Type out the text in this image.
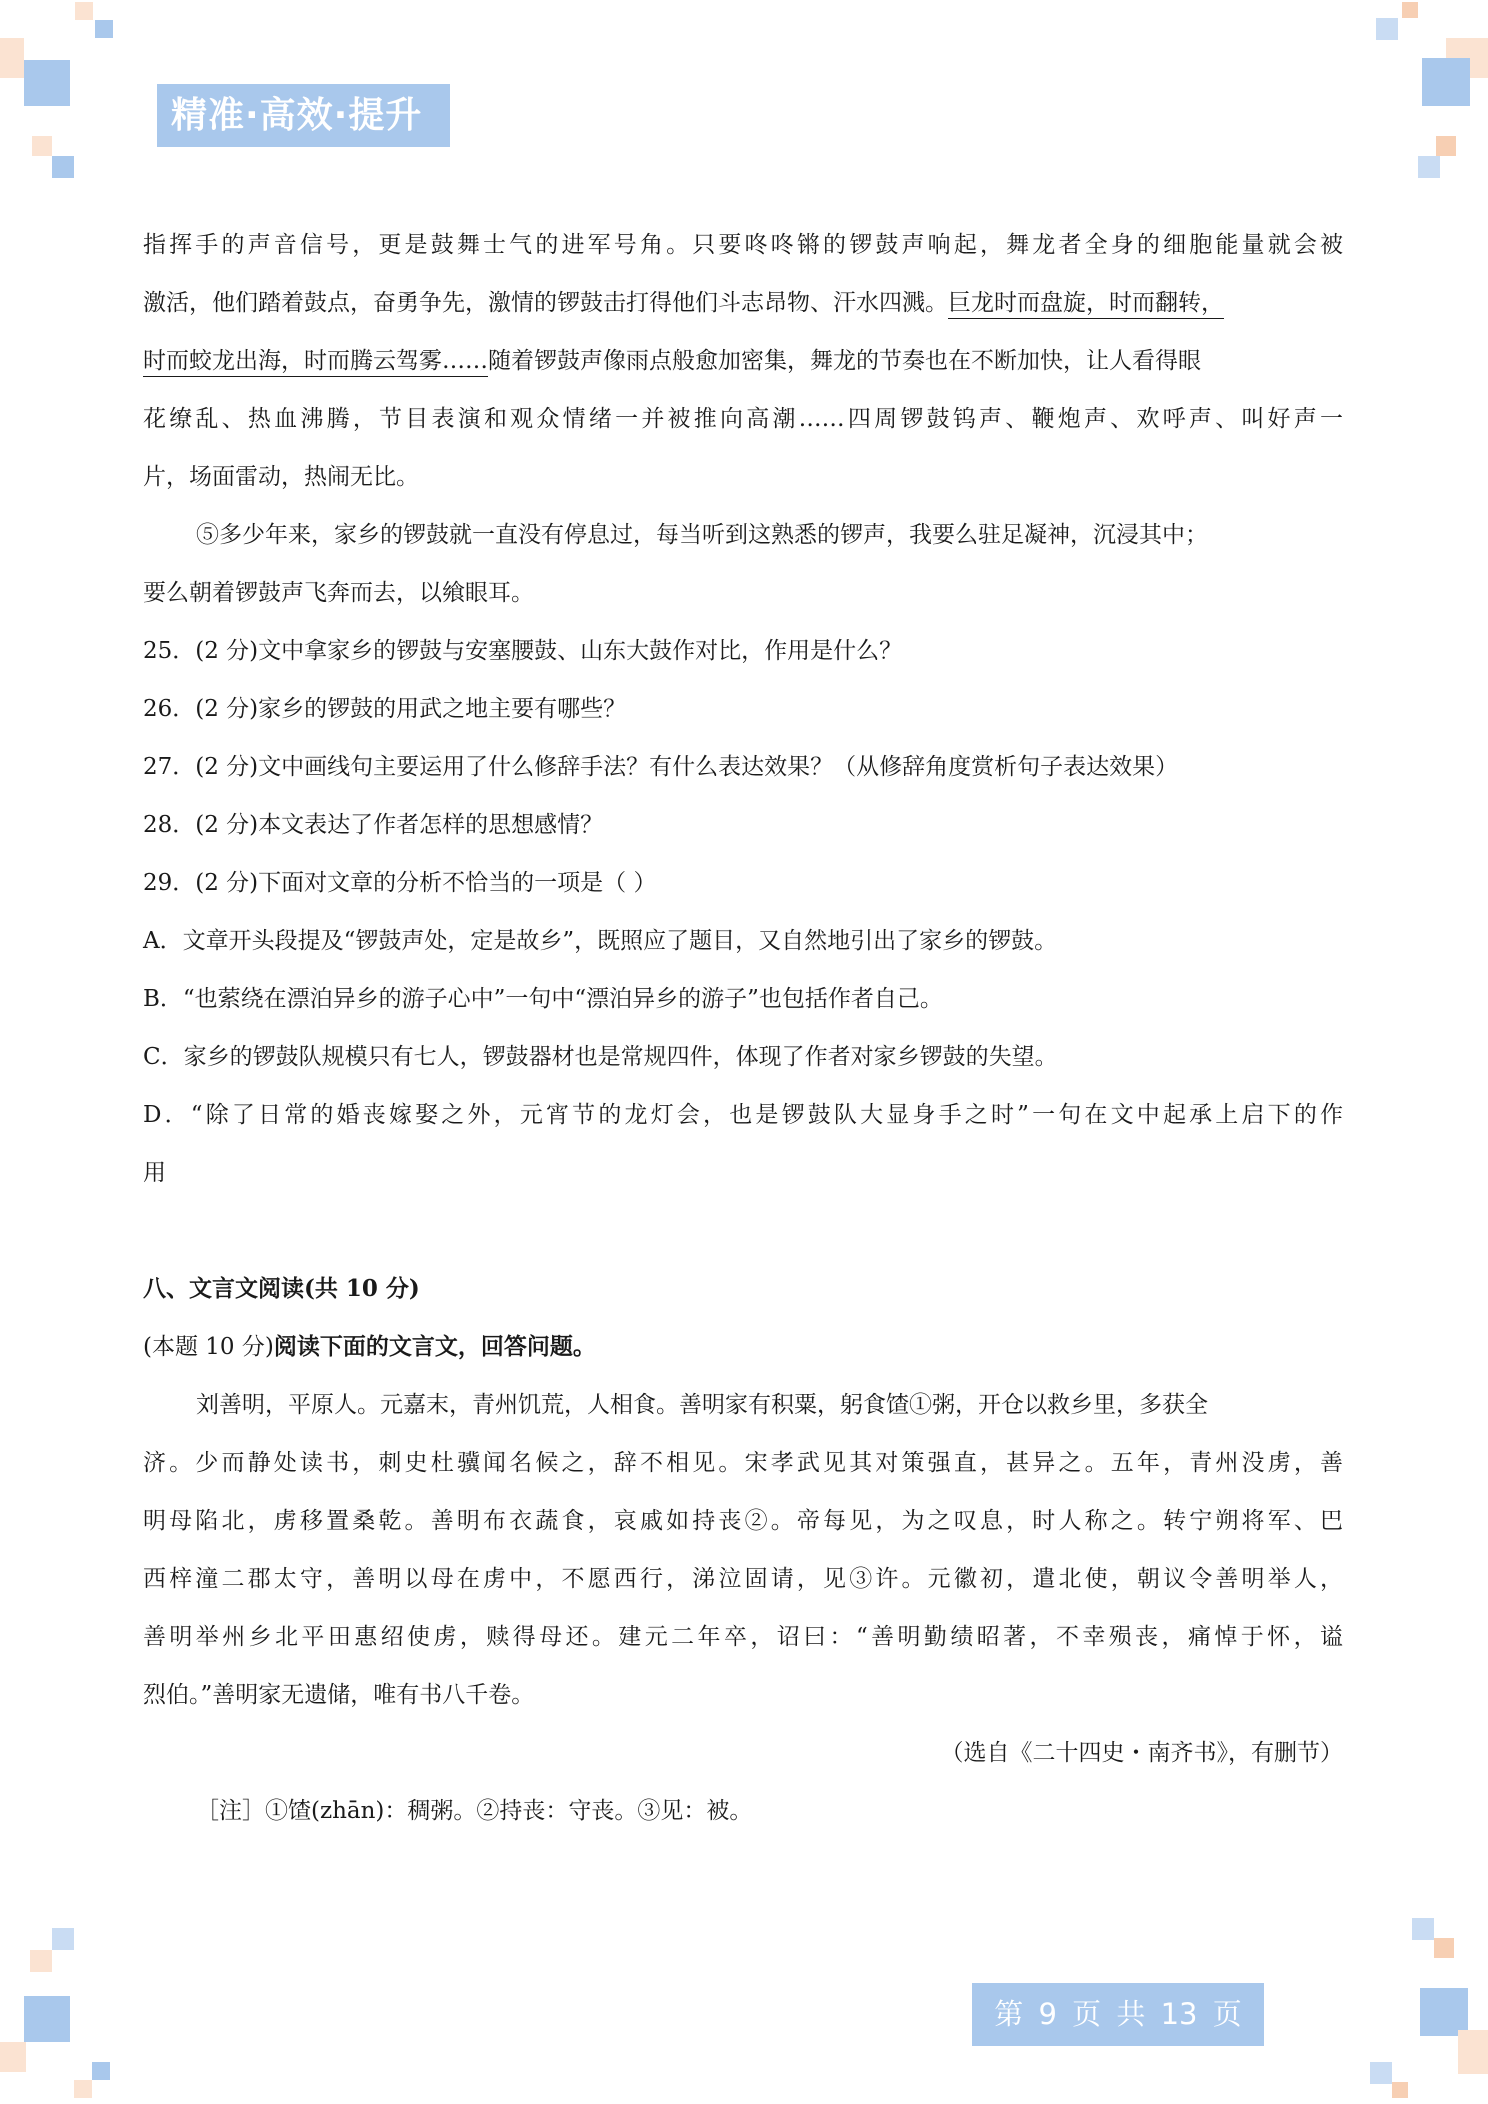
精准·高效·提升
指挥手的声音信号，更是鼓舞士气的进军号角。只要咚咚锵的锣鼓声响起，舞龙者全身的细胞能量就会被
激活，他们踏着鼓点，奋勇争先，激情的锣鼓击打得他们斗志昂物、汗水四溅。巨龙时而盘旋，时而翻转，
时而蛟龙出海，时而腾云驾雾……随着锣鼓声像雨点般愈加密集，舞龙的节奏也在不断加快，让人看得眼
花缭乱、热血沸腾，节目表演和观众情绪一并被推向高潮……四周锣鼓钨声、鞭炮声、欢呼声、叫好声一
片，场面雷动，热闹无比。
⑤多少年来，家乡的锣鼓就一直没有停息过，每当听到这熟悉的锣声，我要么驻足凝神，沉浸其中；
要么朝着锣鼓声飞奔而去，以飨眼耳。
25．(2 分)文中拿家乡的锣鼓与安塞腰鼓、山东大鼓作对比，作用是什么？
26．(2 分)家乡的锣鼓的用武之地主要有哪些？
27．(2 分)文中画线句主要运用了什么修辞手法？有什么表达效果？（从修辞角度赏析句子表达效果）
28．(2 分)本文表达了作者怎样的思想感情？
29．(2 分)下面对文章的分析不恰当的一项是（ ）
A．文章开头段提及“锣鼓声处，定是故乡”，既照应了题目，又自然地引出了家乡的锣鼓。
B．“也萦绕在漂泊异乡的游子心中”一句中“漂泊异乡的游子”也包括作者自己。
C．家乡的锣鼓队规模只有七人，锣鼓器材也是常规四件，体现了作者对家乡锣鼓的失望。
D．“除了日常的婚丧嫁娶之外，元宵节的龙灯会，也是锣鼓队大显身手之时”一句在文中起承上启下的作
用
八、文言文阅读(共 10 分)
(本题 10 分)阅读下面的文言文，回答问题。
刘善明，平原人。元嘉末，青州饥荒，人相食。善明家有积粟，躬食馇①粥，开仓以救乡里，多获全
济。少而静处读书，刺史杜骥闻名候之，辞不相见。宋孝武见其对策强直，甚异之。五年，青州没虏，善
明母陷北，虏移置桑乾。善明布衣蔬食，哀戚如持丧②。帝每见，为之叹息，时人称之。转宁朔将军、巴
西梓潼二郡太守，善明以母在虏中，不愿西行，涕泣固请，见③许。元徽初，遣北使，朝议令善明举人，
善明举州乡北平田惠绍使虏，赎得母还。建元二年卒，诏曰：“善明勤绩昭著，不幸殒丧，痛悼于怀，谥
烈伯。”善明家无遗储，唯有书八千卷。
（选自《二十四史・南齐书》，有删节）
［注］①馇(zhān)：稠粥。②持丧：守丧。③见：被。
第 9 页 共 13 页
